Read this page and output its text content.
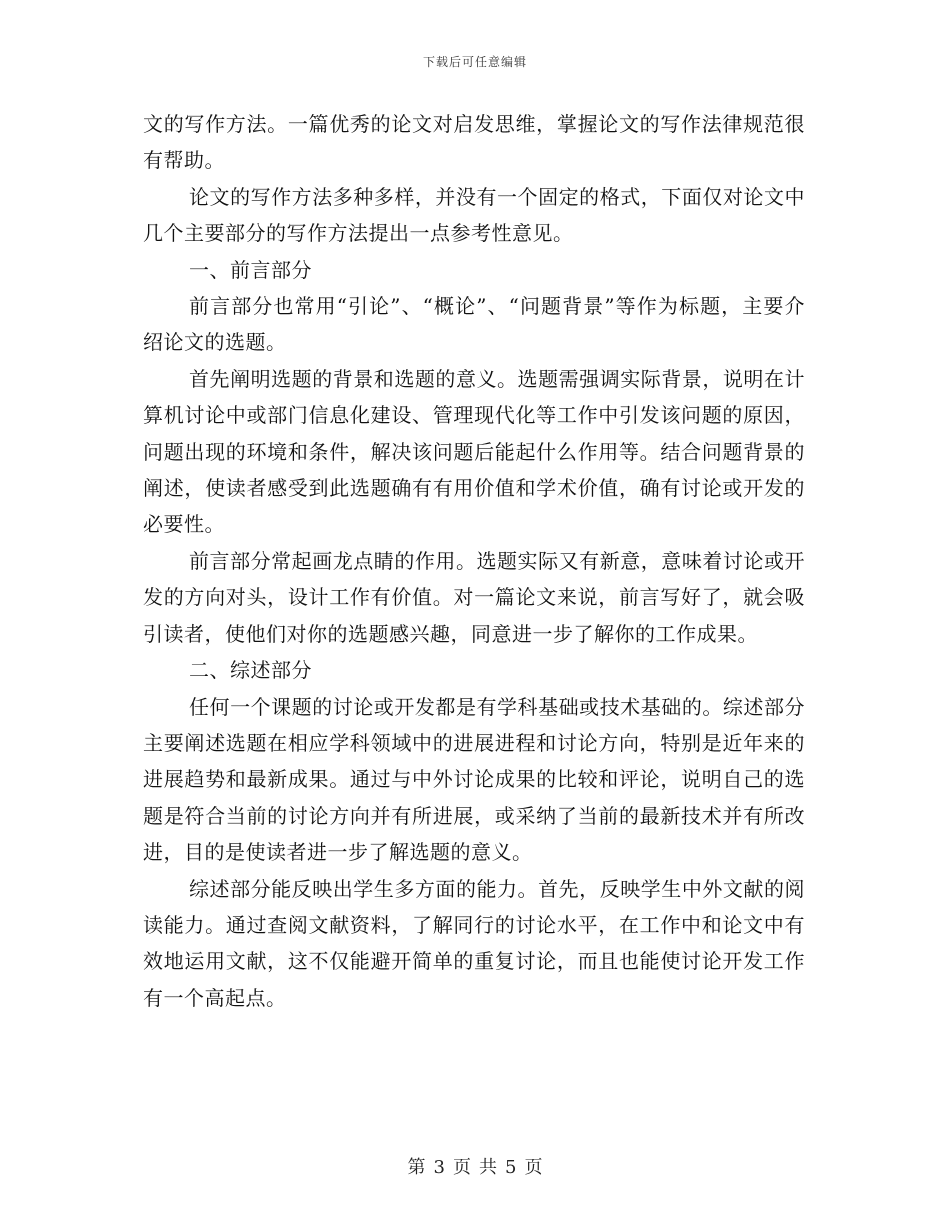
下载后可任意编辑

文的写作方法。一篇优秀的论文对启发思维，掌握论文的写作法律规范很有帮助。

论文的写作方法多种多样，并没有一个固定的格式，下面仅对论文中几个主要部分的写作方法提出一点参考性意见。

一、前言部分

前言部分也常用“引论”、“概论”、“问题背景”等作为标题，主要介绍论文的选题。

首先阐明选题的背景和选题的意义。选题需强调实际背景，说明在计算机讨论中或部门信息化建设、管理现代化等工作中引发该问题的原因，问题出现的环境和条件，解决该问题后能起什么作用等。结合问题背景的阐述，使读者感受到此选题确有有用价值和学术价值，确有讨论或开发的必要性。

前言部分常起画龙点睛的作用。选题实际又有新意，意味着讨论或开发的方向对头，设计工作有价值。对一篇论文来说，前言写好了，就会吸引读者，使他们对你的选题感兴趣，同意进一步了解你的工作成果。

二、综述部分

任何一个课题的讨论或开发都是有学科基础或技术基础的。综述部分主要阐述选题在相应学科领域中的进展进程和讨论方向，特别是近年来的进展趋势和最新成果。通过与中外讨论成果的比较和评论，说明自己的选题是符合当前的讨论方向并有所进展，或采纳了当前的最新技术并有所改进，目的是使读者进一步了解选题的意义。

综述部分能反映出学生多方面的能力。首先，反映学生中外文献的阅读能力。通过查阅文献资料，了解同行的讨论水平，在工作中和论文中有效地运用文献，这不仅能避开简单的重复讨论，而且也能使讨论开发工作有一个高起点。

第 3 页 共 5 页
